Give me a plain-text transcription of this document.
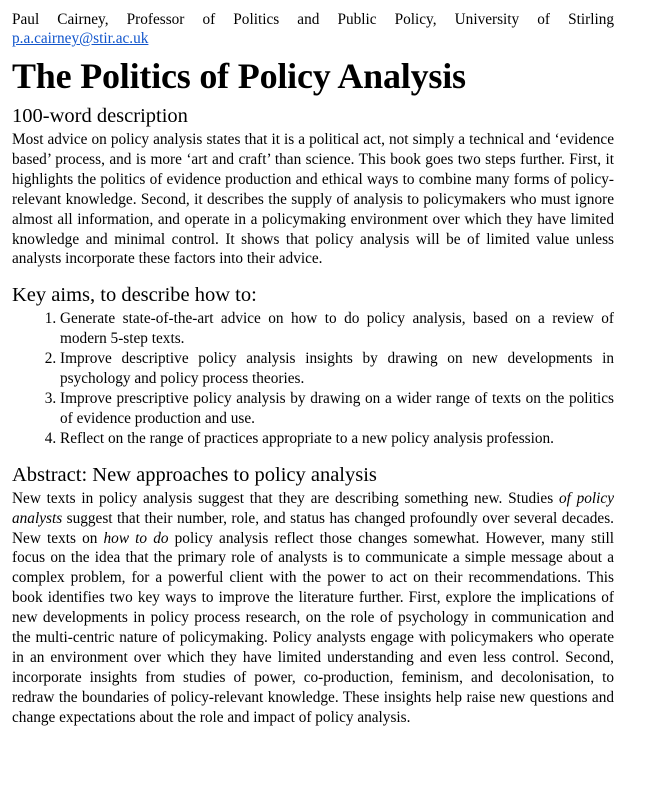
Paul Cairney, Professor of Politics and Public Policy, University of Stirling

p.a.cairney@stir.ac.uk
The Politics of Policy Analysis
100-word description

Most advice on policy analysis states that it is a political act, not simply a technical and ‘evidence based’ process, and is more ‘art and craft’ than science. This book goes two steps further. First, it highlights the politics of evidence production and ethical ways to combine many forms of policy-relevant knowledge. Second, it describes the supply of analysis to policymakers who must ignore almost all information, and operate in a policymaking environment over which they have limited knowledge and minimal control. It shows that policy analysis will be of limited value unless analysts incorporate these factors into their advice.

Key aims, to describe how to:
1. Generate state-of-the-art advice on how to do policy analysis, based on a review of modern 5-step texts.
2. Improve descriptive policy analysis insights by drawing on new developments in psychology and policy process theories.
3. Improve prescriptive policy analysis by drawing on a wider range of texts on the politics of evidence production and use.
4. Reflect on the range of practices appropriate to a new policy analysis profession.
Abstract: New approaches to policy analysis

New texts in policy analysis suggest that they are describing something new. Studies of policy analysts suggest that their number, role, and status has changed profoundly over several decades. New texts on how to do policy analysis reflect those changes somewhat. However, many still focus on the idea that the primary role of analysts is to communicate a simple message about a complex problem, for a powerful client with the power to act on their recommendations. This book identifies two key ways to improve the literature further. First, explore the implications of new developments in policy process research, on the role of psychology in communication and the multi-centric nature of policymaking. Policy analysts engage with policymakers who operate in an environment over which they have limited understanding and even less control. Second, incorporate insights from studies of power, co-production, feminism, and decolonisation, to redraw the boundaries of policy-relevant knowledge. These insights help raise new questions and change expectations about the role and impact of policy analysis.
